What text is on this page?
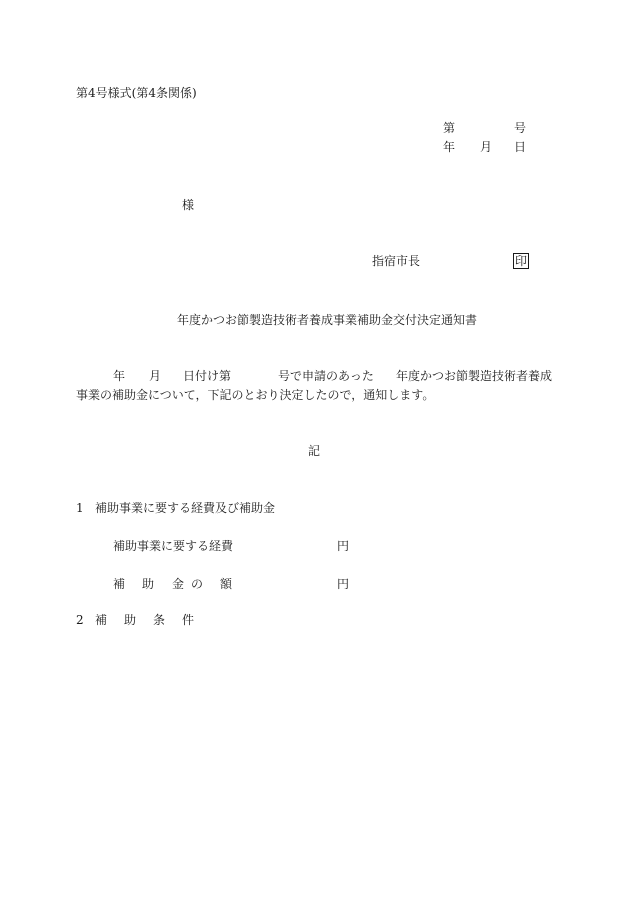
第4号様式(第4条関係)
第	号
年 月 日
様
指宿市長	印
年度かつお節製造技術者養成事業補助金交付決定通知書
年 月 日付け第	号で申請のあった 年度かつお節製造技術者養成
事業の補助金について，下記のとおり決定したので，通知します。
記
1 補助事業に要する経費及び補助金
補助事業に要する経費	円
補 助 金 の 額	円
2 補 助 条 件
